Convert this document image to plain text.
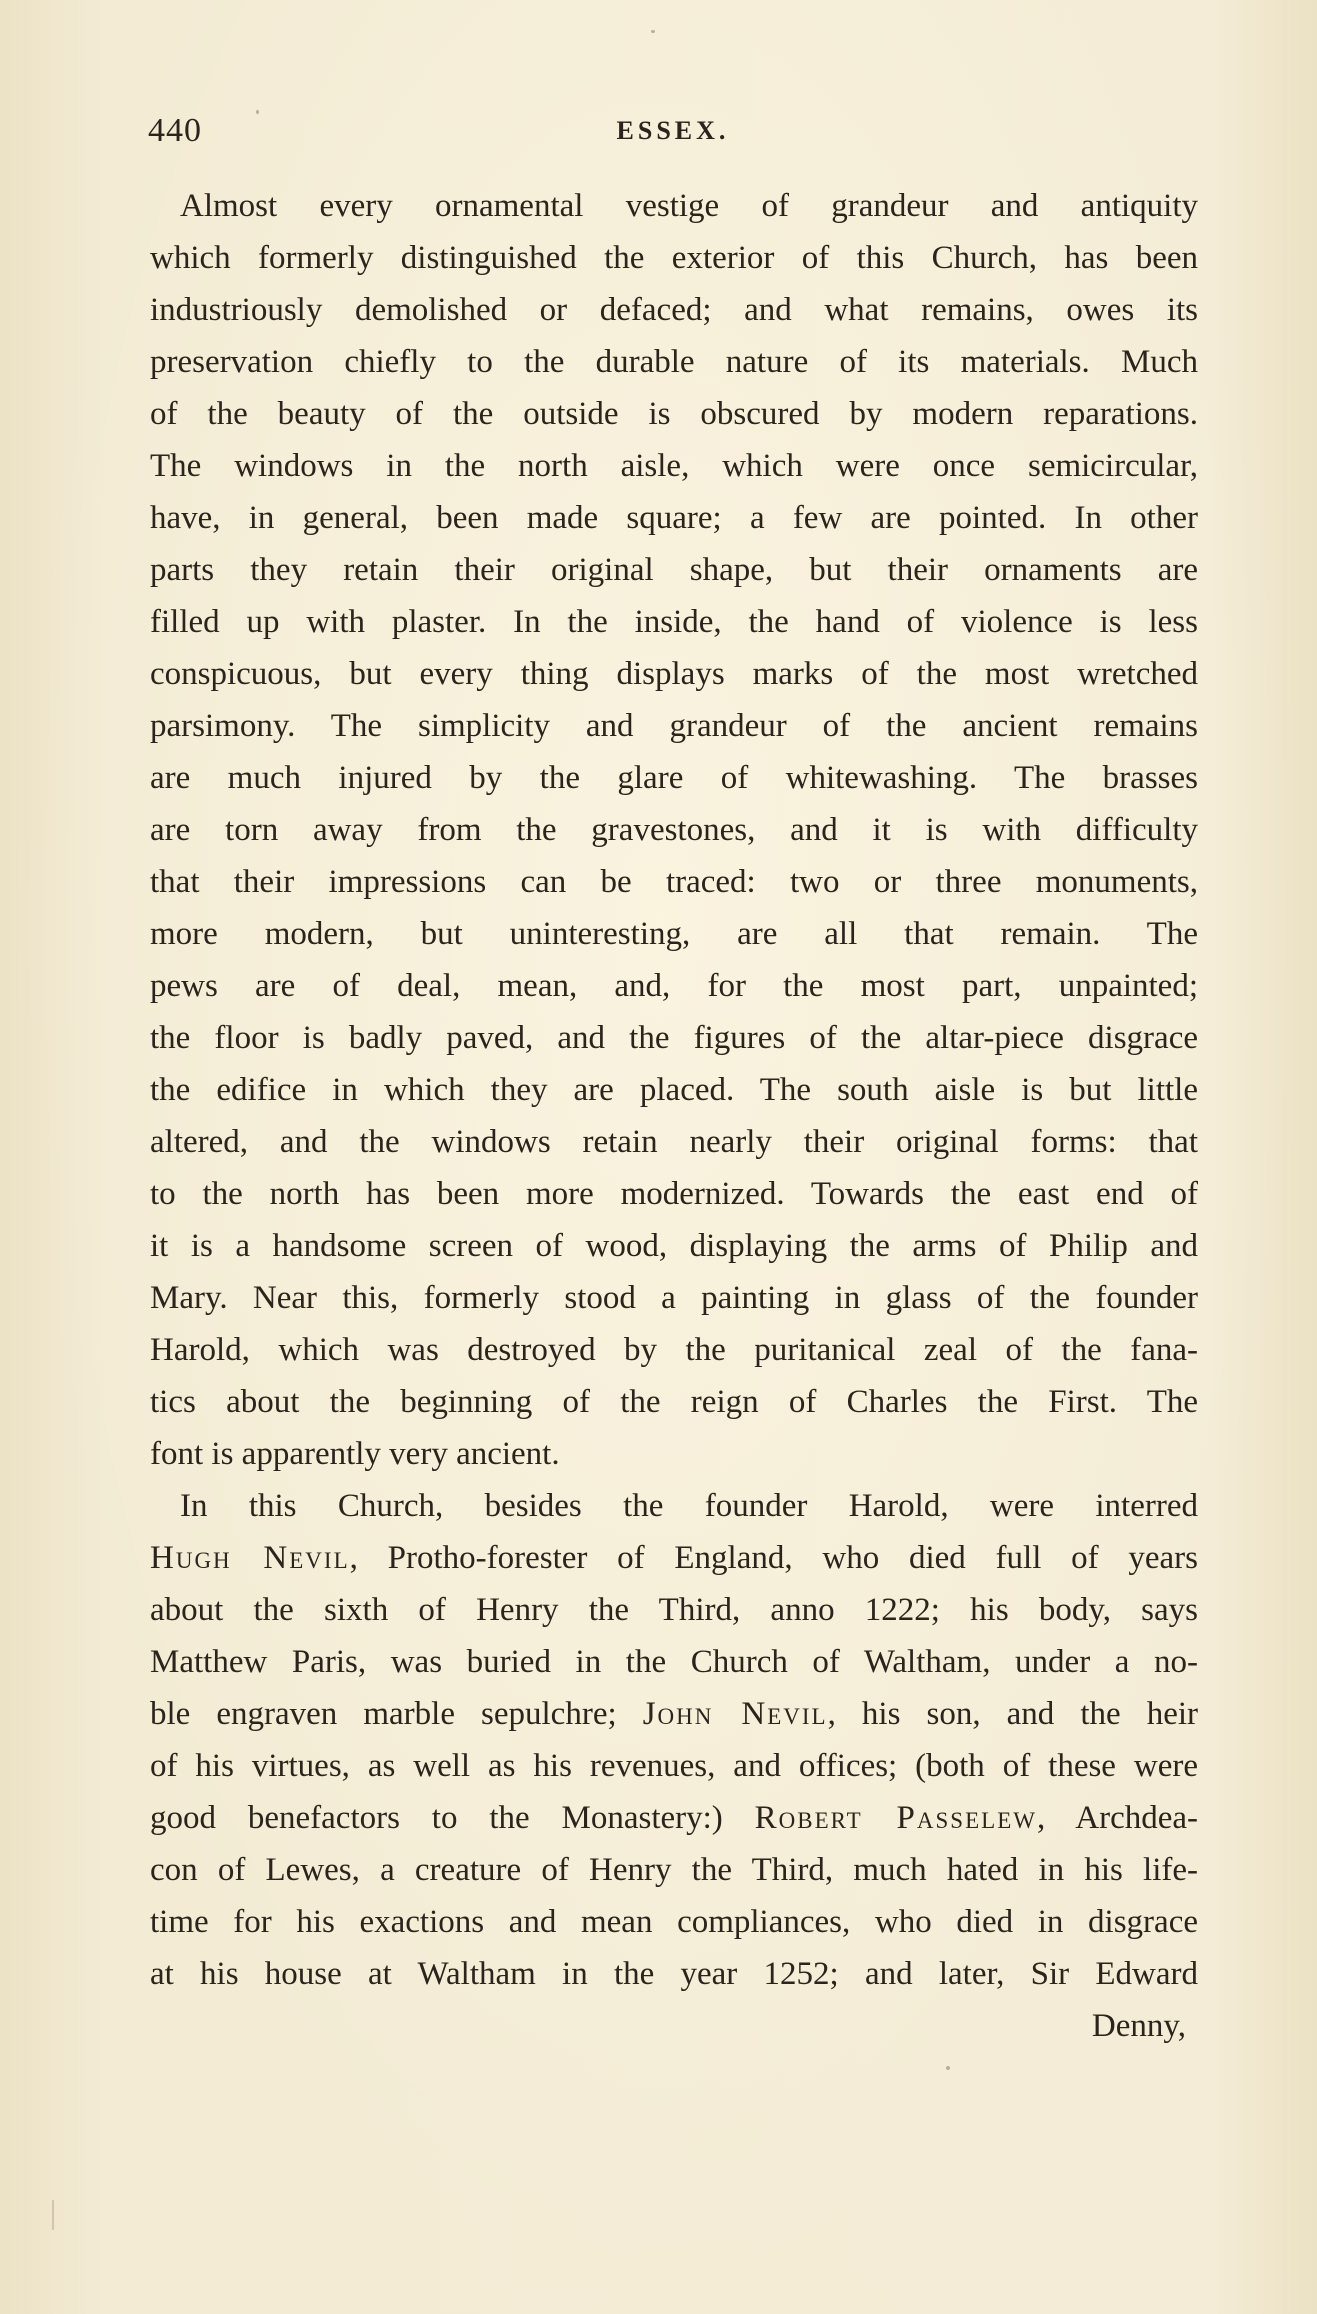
440	ESSEX.
Almost every ornamental vestige of grandeur and antiquity
which formerly distinguished the exterior of this Church, has been
industriously demolished or defaced; and what remains, owes its
preservation chiefly to the durable nature of its materials. Much
of the beauty of the outside is obscured by modern reparations.
The windows in the north aisle, which were once semicircular,
have, in general, been made square; a few are pointed. In other
parts they retain their original shape, but their ornaments are
filled up with plaster. In the inside, the hand of violence is less
conspicuous, but every thing displays marks of the most wretched
parsimony. The simplicity and grandeur of the ancient remains
are much injured by the glare of whitewashing. The brasses
are torn away from the gravestones, and it is with difficulty
that their impressions can be traced: two or three monuments,
more modern, but uninteresting, are all that remain. The
pews are of deal, mean, and, for the most part, unpainted;
the floor is badly paved, and the figures of the altar-piece disgrace
the edifice in which they are placed. The south aisle is but little
altered, and the windows retain nearly their original forms: that
to the north has been more modernized. Towards the east end of
it is a handsome screen of wood, displaying the arms of Philip and
Mary. Near this, formerly stood a painting in glass of the founder
Harold, which was destroyed by the puritanical zeal of the fana-
tics about the beginning of the reign of Charles the First. The
font is apparently very ancient.
In this Church, besides the founder Harold, were interred
Hugh Nevil, Protho-forester of England, who died full of years
about the sixth of Henry the Third, anno 1222; his body, says
Matthew Paris, was buried in the Church of Waltham, under a no-
ble engraven marble sepulchre; John Nevil, his son, and the heir
of his virtues, as well as his revenues, and offices; (both of these were
good benefactors to the Monastery:) Robert Passelew, Archdea-
con of Lewes, a creature of Henry the Third, much hated in his life-
time for his exactions and mean compliances, who died in disgrace
at his house at Waltham in the year 1252; and later, Sir Edward
Denny,
